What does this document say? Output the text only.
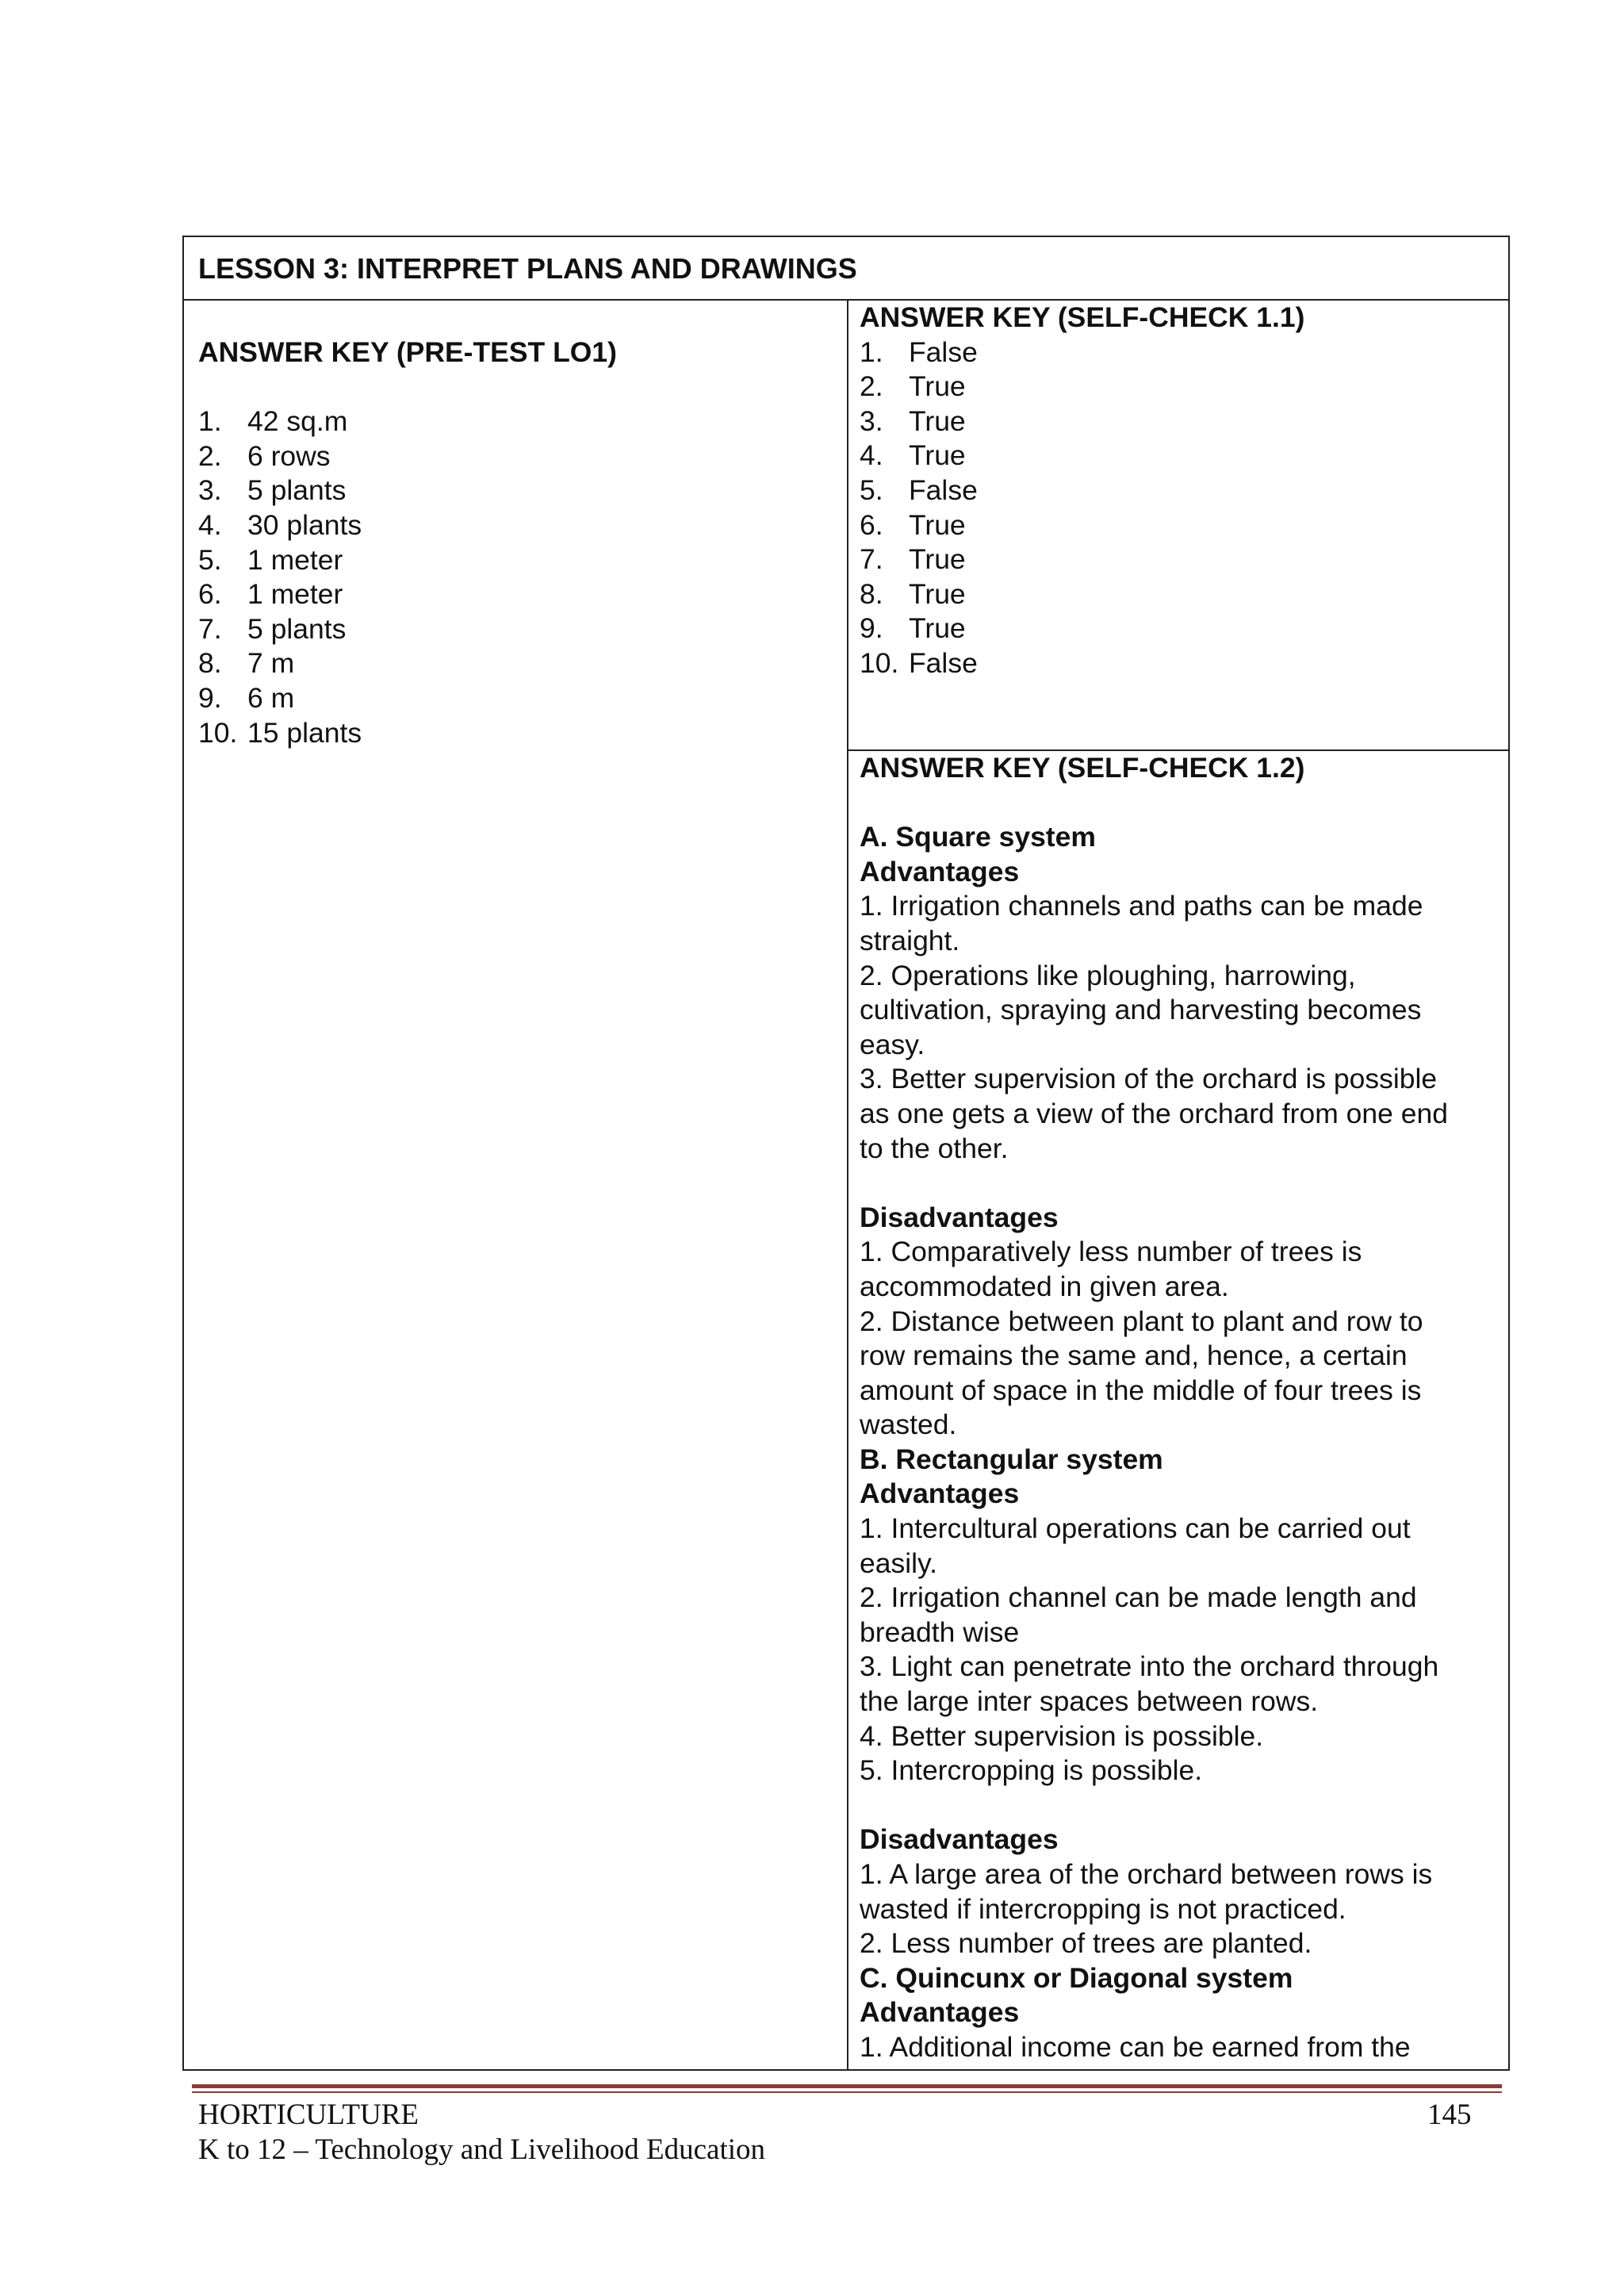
LESSON 3: INTERPRET PLANS AND DRAWINGS
ANSWER KEY (PRE-TEST LO1)
1. 42 sq.m
2. 6 rows
3. 5 plants
4. 30 plants
5. 1 meter
6. 1 meter
7. 5 plants
8. 7 m
9. 6 m
10. 15 plants
ANSWER KEY (SELF-CHECK 1.1)
1. False
2. True
3. True
4. True
5. False
6. True
7. True
8. True
9. True
10. False
ANSWER KEY (SELF-CHECK 1.2)
A. Square system
Advantages
1. Irrigation channels and paths can be made
straight.
2. Operations like ploughing, harrowing,
cultivation, spraying and harvesting becomes
easy.
3. Better supervision of the orchard is possible
as one gets a view of the orchard from one end
to the other.
Disadvantages
1. Comparatively less number of trees is
accommodated in given area.
2. Distance between plant to plant and row to
row remains the same and, hence, a certain
amount of space in the middle of four trees is
wasted.
B. Rectangular system
Advantages
1. Intercultural operations can be carried out
easily.
2. Irrigation channel can be made length and
breadth wise
3. Light can penetrate into the orchard through
the large inter spaces between rows.
4. Better supervision is possible.
5. Intercropping is possible.
Disadvantages
1. A large area of the orchard between rows is
wasted if intercropping is not practiced.
2. Less number of trees are planted.
C. Quincunx or Diagonal system
Advantages
1. Additional income can be earned from the
HORTICULTURE
K to 12 – Technology and Livelihood Education
145
